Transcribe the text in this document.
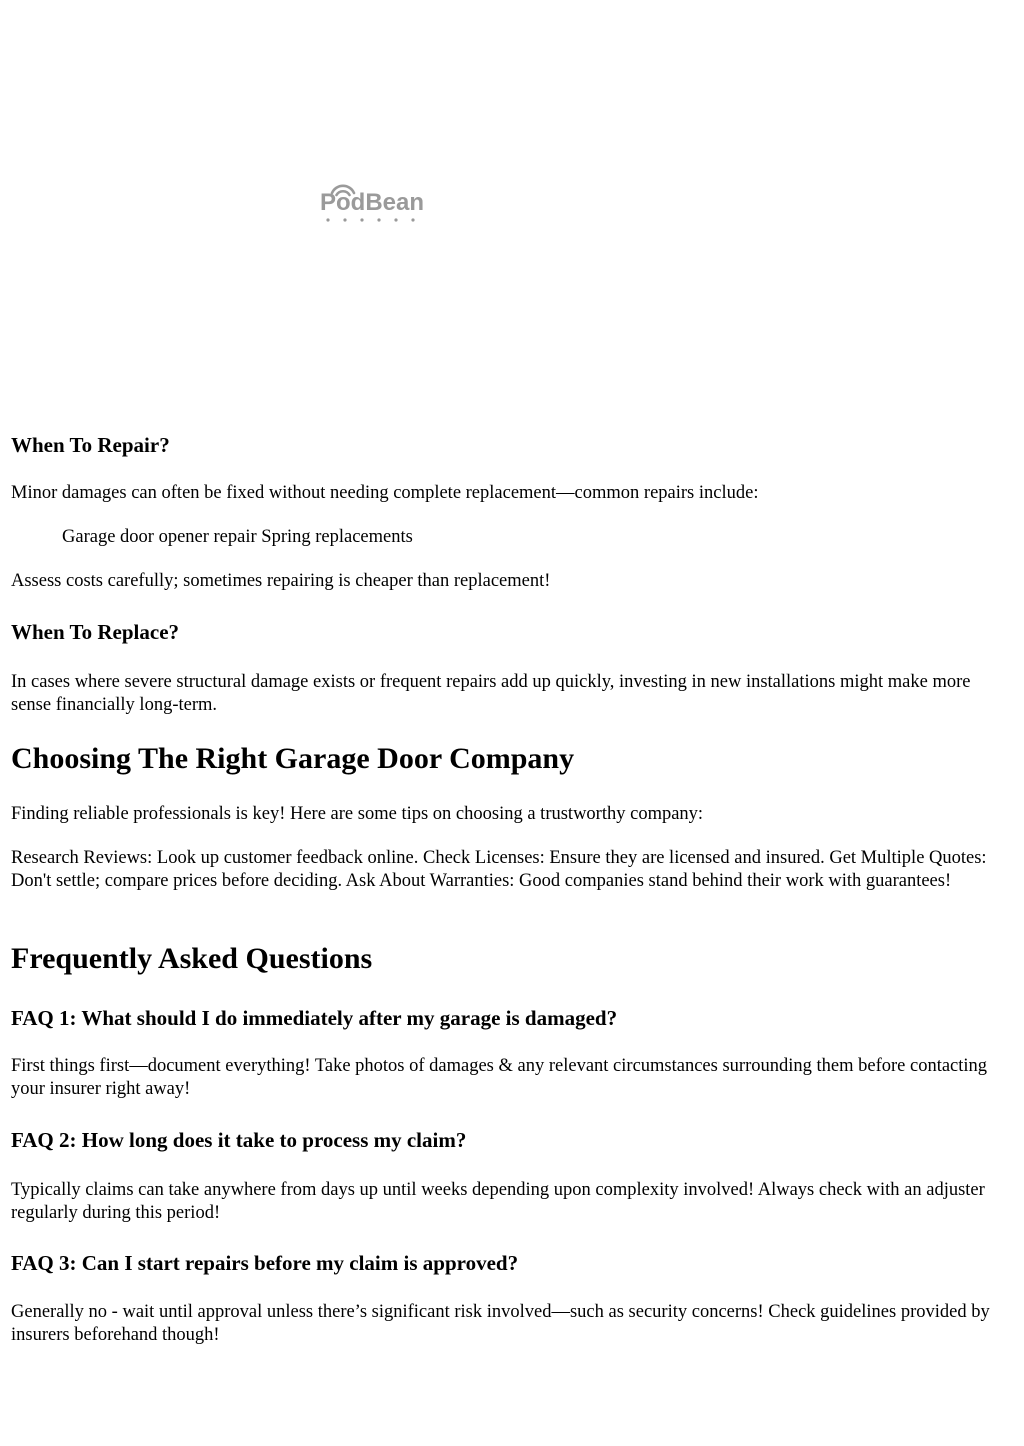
PodBean
When To Repair?

Minor damages can often be fixed without needing complete replacement—common repairs include:

Garage door opener repair Spring replacements

Assess costs carefully; sometimes repairing is cheaper than replacement!

When To Replace?

In cases where severe structural damage exists or frequent repairs add up quickly, investing in new installations might make more sense financially long-term.

Choosing The Right Garage Door Company

Finding reliable professionals is key! Here are some tips on choosing a trustworthy company:

Research Reviews: Look up customer feedback online. Check Licenses: Ensure they are licensed and insured. Get Multiple Quotes: Don't settle; compare prices before deciding. Ask About Warranties: Good companies stand behind their work with guarantees!

Frequently Asked Questions
FAQ 1: What should I do immediately after my garage is damaged?

First things first—document everything! Take photos of damages & any relevant circumstances surrounding them before contacting your insurer right away!

FAQ 2: How long does it take to process my claim?

Typically claims can take anywhere from days up until weeks depending upon complexity involved! Always check with an adjuster regularly during this period!

FAQ 3: Can I start repairs before my claim is approved?

Generally no - wait until approval unless there’s significant risk involved—such as security concerns! Check guidelines provided by insurers beforehand though!
